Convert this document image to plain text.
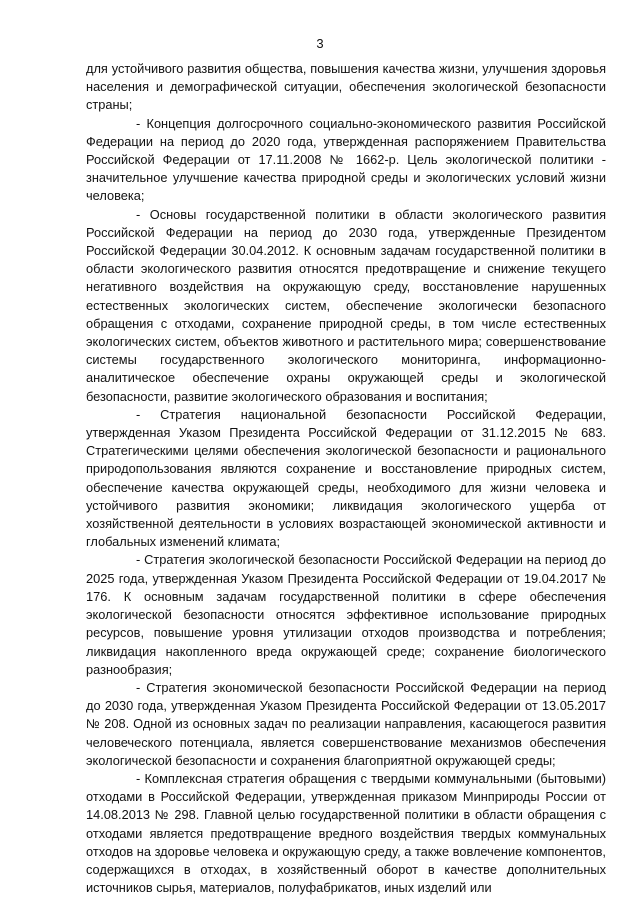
3

для устойчивого развития общества, повышения качества жизни, улучшения здоровья населения и демографической ситуации, обеспечения экологической безопасности страны;

- Концепция долгосрочного социально-экономического развития Российской Федерации на период до 2020 года, утвержденная распоряжением Правительства Российской Федерации от 17.11.2008 № 1662-р. Цель экологической политики - значительное улучшение качества природной среды и экологических условий жизни человека;

- Основы государственной политики в области экологического развития Российской Федерации на период до 2030 года, утвержденные Президентом Российской Федерации 30.04.2012. К основным задачам государственной политики в области экологического развития относятся предотвращение и снижение текущего негативного воздействия на окружающую среду, восстановление нарушенных естественных экологических систем, обеспечение экологически безопасного обращения с отходами, сохранение природной среды, в том числе естественных экологических систем, объектов животного и растительного мира; совершенствование системы государственного экологического мониторинга, информационно-аналитическое обеспечение охраны окружающей среды и экологической безопасности, развитие экологического образования и воспитания;

- Стратегия национальной безопасности Российской Федерации, утвержденная Указом Президента Российской Федерации от 31.12.2015 № 683. Стратегическими целями обеспечения экологической безопасности и рационального природопользования являются сохранение и восстановление природных систем, обеспечение качества окружающей среды, необходимого для жизни человека и устойчивого развития экономики; ликвидация экологического ущерба от хозяйственной деятельности в условиях возрастающей экономической активности и глобальных изменений климата;

- Стратегия экологической безопасности Российской Федерации на период до 2025 года, утвержденная Указом Президента Российской Федерации от 19.04.2017 № 176. К основным задачам государственной политики в сфере обеспечения экологической безопасности относятся эффективное использование природных ресурсов, повышение уровня утилизации отходов производства и потребления; ликвидация накопленного вреда окружающей среде; сохранение биологического разнообразия;

- Стратегия экономической безопасности Российской Федерации на период до 2030 года, утвержденная Указом Президента Российской Федерации от 13.05.2017 № 208. Одной из основных задач по реализации направления, касающегося развития человеческого потенциала, является совершенствование механизмов обеспечения экологической безопасности и сохранения благоприятной окружающей среды;

- Комплексная стратегия обращения с твердыми коммунальными (бытовыми) отходами в Российской Федерации, утвержденная приказом Минприроды России от 14.08.2013 № 298. Главной целью государственной политики в области обращения с отходами является предотвращение вредного воздействия твердых коммунальных отходов на здоровье человека и окружающую среду, а также вовлечение компонентов, содержащихся в отходах, в хозяйственный оборот в качестве дополнительных источников сырья, материалов, полуфабрикатов, иных изделий или
